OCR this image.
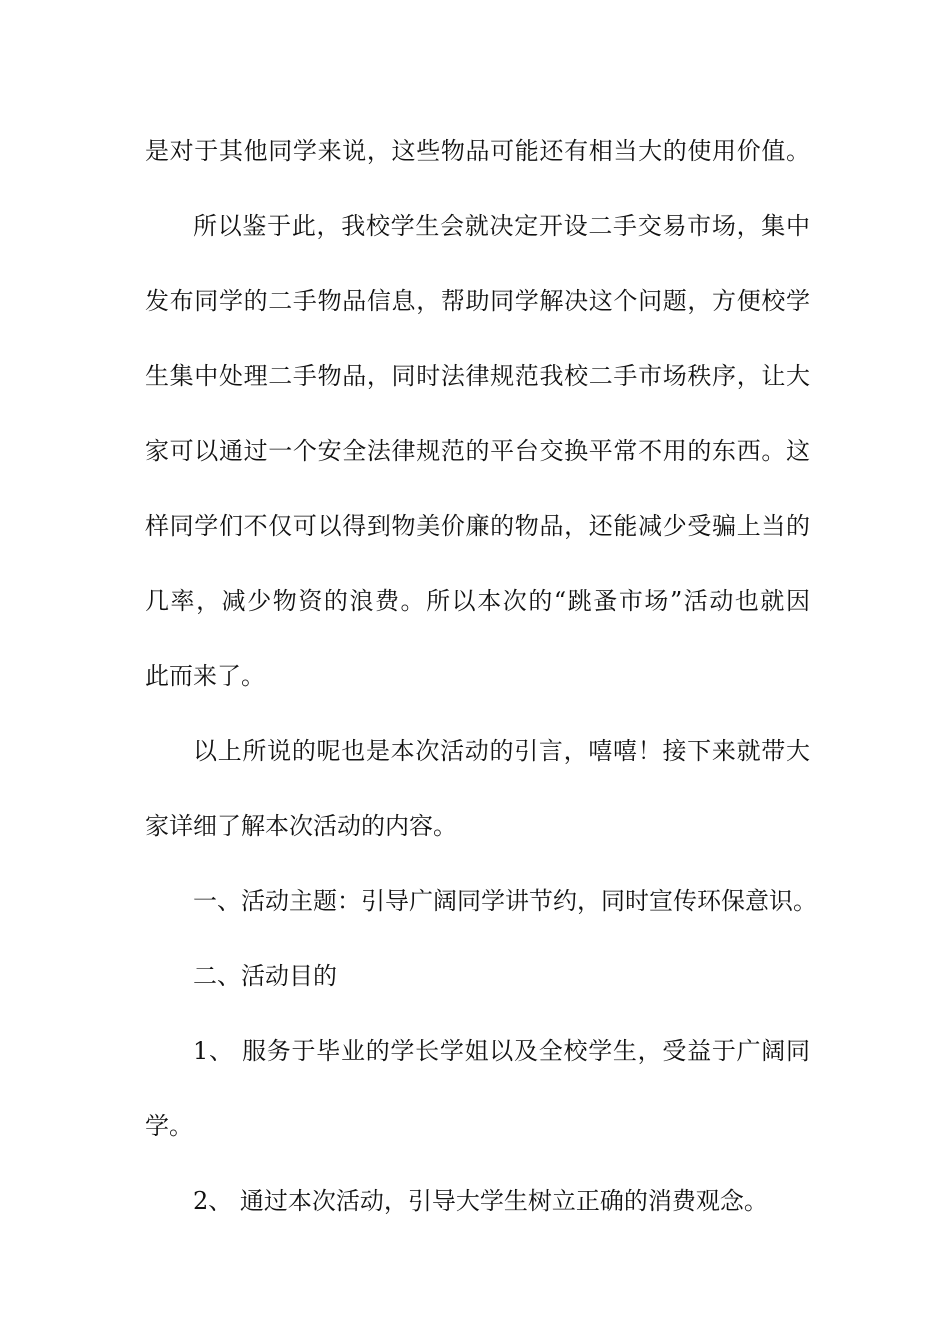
是对于其他同学来说，这些物品可能还有相当大的使用价值。
所以鉴于此，我校学生会就决定开设二手交易市场，集中
发布同学的二手物品信息，帮助同学解决这个问题，方便校学
生集中处理二手物品，同时法律规范我校二手市场秩序，让大
家可以通过一个安全法律规范的平台交换平常不用的东西。这
样同学们不仅可以得到物美价廉的物品，还能减少受骗上当的
几率，减少物资的浪费。所以本次的“跳蚤市场”活动也就因
此而来了。
以上所说的呢也是本次活动的引言，嘻嘻！接下来就带大
家详细了解本次活动的内容。
一、活动主题：引导广阔同学讲节约，同时宣传环保意识。
二、活动目的
1、 服务于毕业的学长学姐以及全校学生，受益于广阔同
学。
2、 通过本次活动，引导大学生树立正确的消费观念。
